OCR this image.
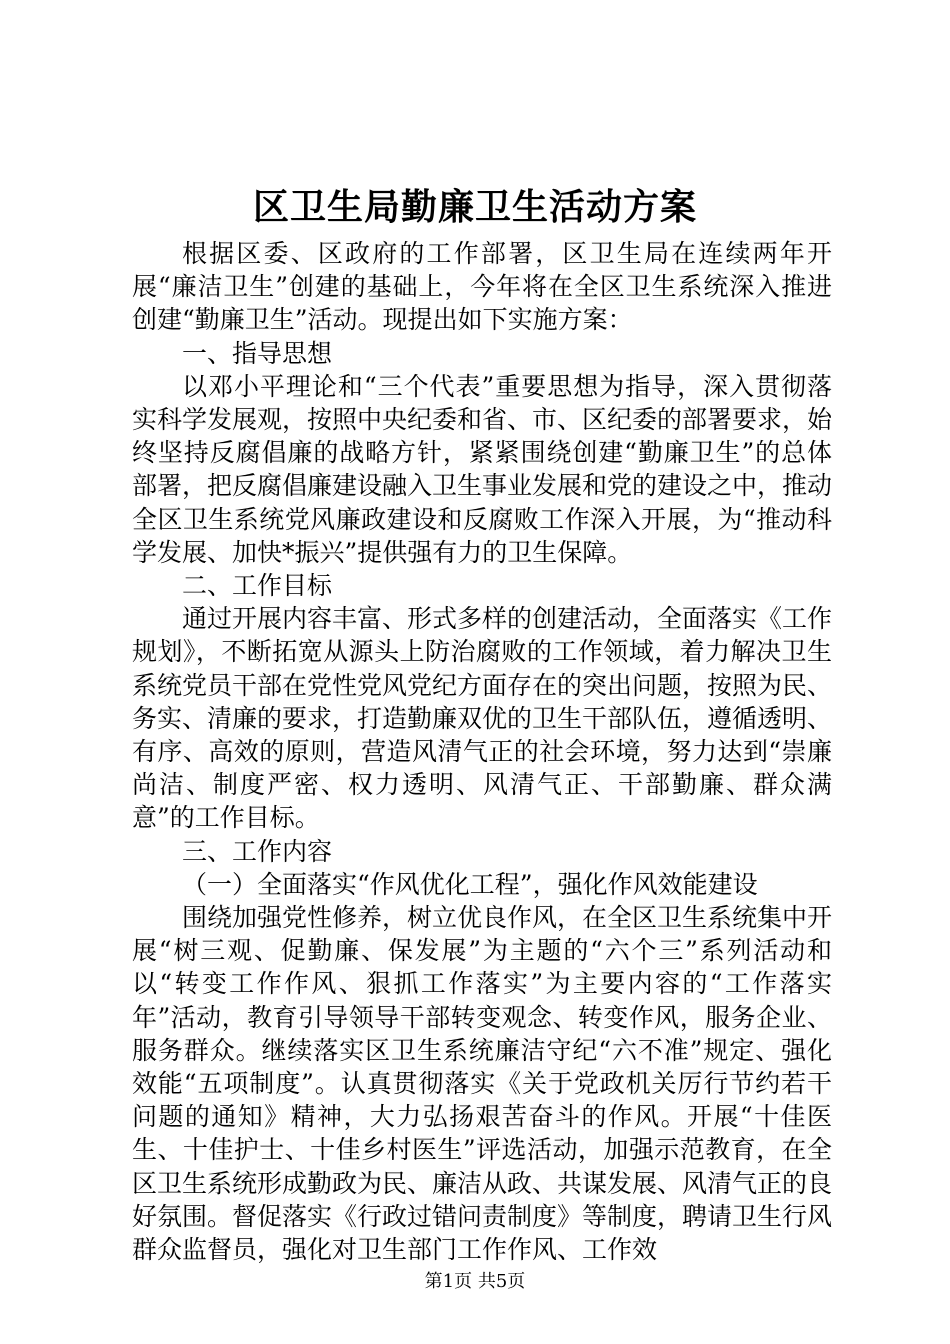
区卫生局勤廉卫生活动方案

根据区委、区政府的工作部署，区卫生局在连续两年开展“廉洁卫生”创建的基础上，今年将在全区卫生系统深入推进创建“勤廉卫生”活动。现提出如下实施方案：

一、指导思想

以邓小平理论和“三个代表”重要思想为指导，深入贯彻落实科学发展观，按照中央纪委和省、市、区纪委的部署要求，始终坚持反腐倡廉的战略方针，紧紧围绕创建“勤廉卫生”的总体部署，把反腐倡廉建设融入卫生事业发展和党的建设之中，推动全区卫生系统党风廉政建设和反腐败工作深入开展，为“推动科学发展、加快*振兴”提供强有力的卫生保障。

二、工作目标

通过开展内容丰富、形式多样的创建活动，全面落实《工作规划》，不断拓宽从源头上防治腐败的工作领域，着力解决卫生系统党员干部在党性党风党纪方面存在的突出问题，按照为民、务实、清廉的要求，打造勤廉双优的卫生干部队伍，遵循透明、有序、高效的原则，营造风清气正的社会环境，努力达到“崇廉尚洁、制度严密、权力透明、风清气正、干部勤廉、群众满意”的工作目标。

三、工作内容

（一）全面落实“作风优化工程”，强化作风效能建设

围绕加强党性修养，树立优良作风，在全区卫生系统集中开展“树三观、促勤廉、保发展”为主题的“六个三”系列活动和以“转变工作作风、狠抓工作落实”为主要内容的“工作落实年”活动，教育引导领导干部转变观念、转变作风，服务企业、服务群众。继续落实区卫生系统廉洁守纪“六不准”规定、强化效能“五项制度”。认真贯彻落实《关于党政机关厉行节约若干问题的通知》精神，大力弘扬艰苦奋斗的作风。开展“十佳医生、十佳护士、十佳乡村医生”评选活动，加强示范教育，在全区卫生系统形成勤政为民、廉洁从政、共谋发展、风清气正的良好氛围。督促落实《行政过错问责制度》等制度，聘请卫生行风群众监督员，强化对卫生部门工作作风、工作效

第1页 共5页
